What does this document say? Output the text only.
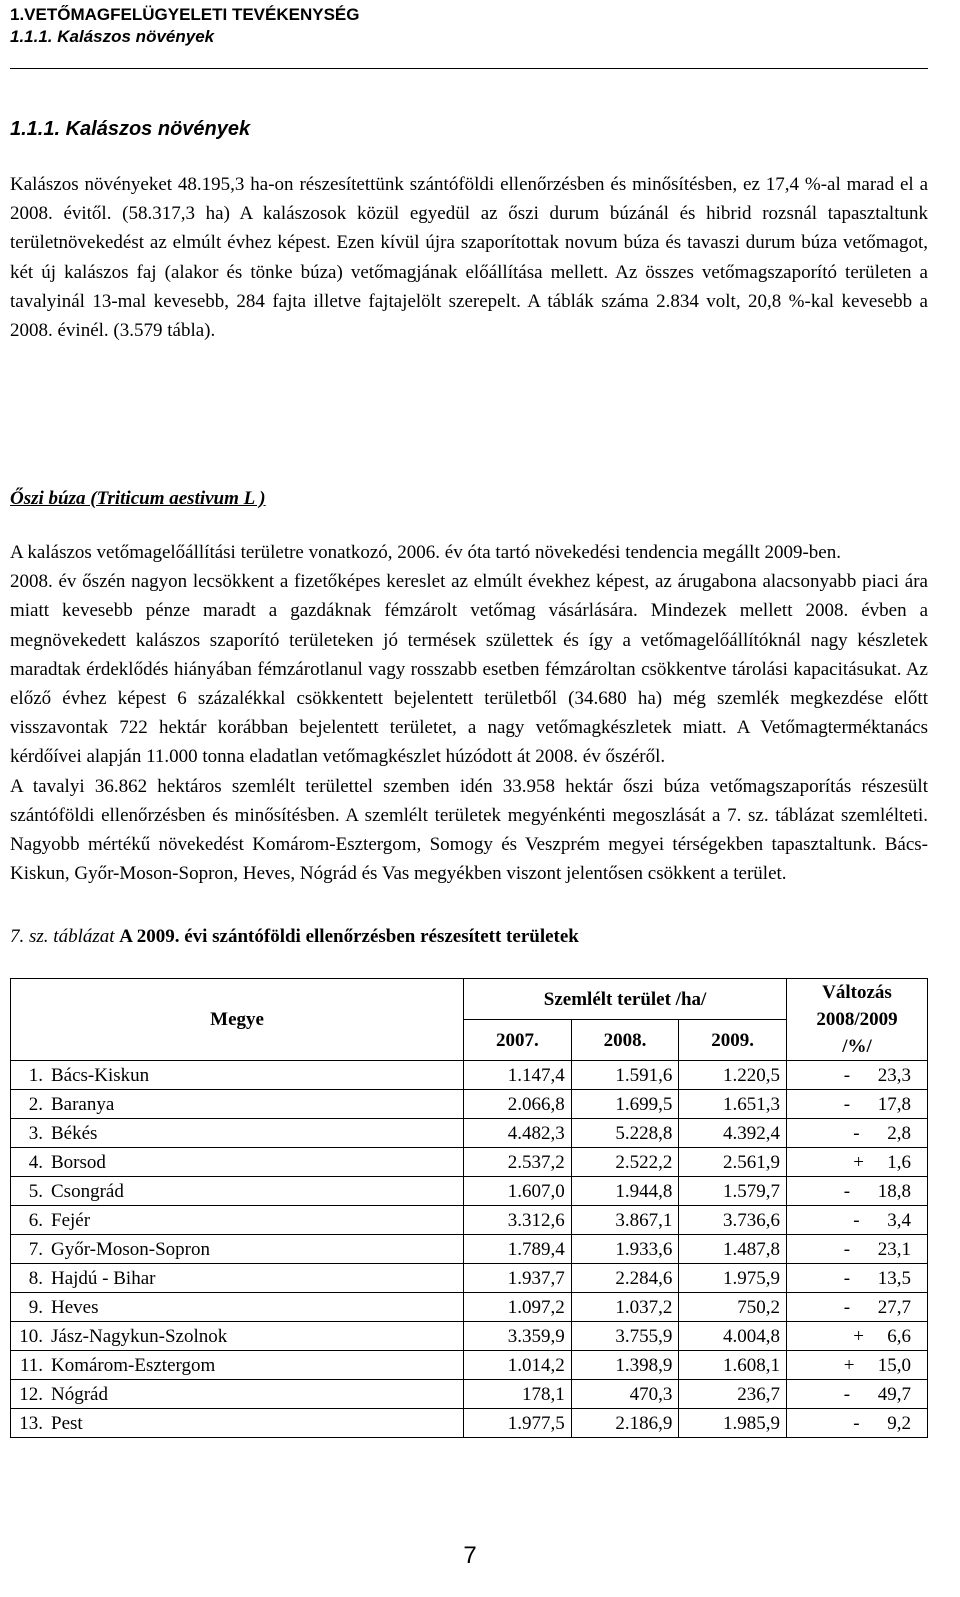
1.VETŐMAGFELÜGYELETI TEVÉKENYSÉG
1.1.1. Kalászos növények
1.1.1. Kalászos növények
Kalászos növényeket 48.195,3 ha-on részesítettünk szántóföldi ellenőrzésben és minősítésben, ez 17,4 %-al marad el a 2008. évitől. (58.317,3 ha) A kalászosok közül egyedül az őszi durum búzánál és hibrid rozsnál tapasztaltunk területnövekedést az elmúlt évhez képest. Ezen kívül újra szaporítottak novum búza és tavaszi durum búza vetőmagot, két új kalászos faj (alakor és tönke búza) vetőmagjának előállítása mellett. Az összes vetőmagszaporító területen a tavalyinál 13-mal kevesebb, 284 fajta illetve fajtajelölt szerepelt. A táblák száma 2.834 volt, 20,8 %-kal kevesebb a 2008. évinél. (3.579 tábla).
Őszi búza (Triticum aestivum L )
A kalászos vetőmagelőállítási területre vonatkozó, 2006. év óta tartó növekedési tendencia megállt 2009-ben.
2008. év őszén nagyon lecsökkent a fizetőképes kereslet az elmúlt évekhez képest, az árugabona alacsonyabb piaci ára miatt kevesebb pénze maradt a gazdáknak fémzárolt vetőmag vásárlására. Mindezek mellett 2008. évben a megnövekedett kalászos szaporító területeken jó termések születtek és így a vetőmagelőállítóknál nagy készletek maradtak érdeklődés hiányában fémzárotlanul vagy rosszabb esetben fémzároltan csökkentve tárolási kapacitásukat. Az előző évhez képest 6 százalékkal csökkentett bejelentett területből (34.680 ha) még szemlék megkezdése előtt visszavontak 722 hektár korábban bejelentett területet, a nagy vetőmagkészletek miatt. A Vetőmagterméktanács kérdőívei alapján 11.000 tonna eladatlan vetőmagkészlet húzódott át 2008. év őszéről.
A tavalyi 36.862 hektáros szemlélt területtel szemben idén 33.958 hektár őszi búza vetőmagszaporítás részesült szántóföldi ellenőrzésben és minősítésben. A szemlélt területek megyénkénti megoszlását a 7. sz. táblázat szemlélteti. Nagyobb mértékű növekedést Komárom-Esztergom, Somogy és Veszprém megyei térségekben tapasztaltunk. Bács-Kiskun, Győr-Moson-Sopron, Heves, Nógrád és Vas megyékben viszont jelentősen csökkent a terület.
7. sz. táblázat A 2009. évi szántóföldi ellenőrzésben részesített területek
Megye		Szemlélt terület /ha/			Változás
2008/2009
/%/

		2007.	2008.	2009.	
1.	Bács-Kiskun	1.147,4	1.591,6	1.220,5	- 23,3
2.	Baranya	2.066,8	1.699,5	1.651,3	- 17,8
3.	Békés	4.482,3	5.228,8	4.392,4	- 2,8
4.	Borsod	2.537,2	2.522,2	2.561,9	+ 1,6
5.	Csongrád	1.607,0	1.944,8	1.579,7	- 18,8
6.	Fejér	3.312,6	3.867,1	3.736,6	- 3,4
7.	Győr-Moson-Sopron	1.789,4	1.933,6	1.487,8	- 23,1
8.	Hajdú - Bihar	1.937,7	2.284,6	1.975,9	- 13,5
9.	Heves	1.097,2	1.037,2	750,2	- 27,7
10.	Jász-Nagykun-Szolnok	3.359,9	3.755,9	4.004,8	+ 6,6
11.	Komárom-Esztergom	1.014,2	1.398,9	1.608,1	+ 15,0
12.	Nógrád	178,1	470,3	236,7	- 49,7
13.	Pest	1.977,5	2.186,9	1.985,9	- 9,2
7
